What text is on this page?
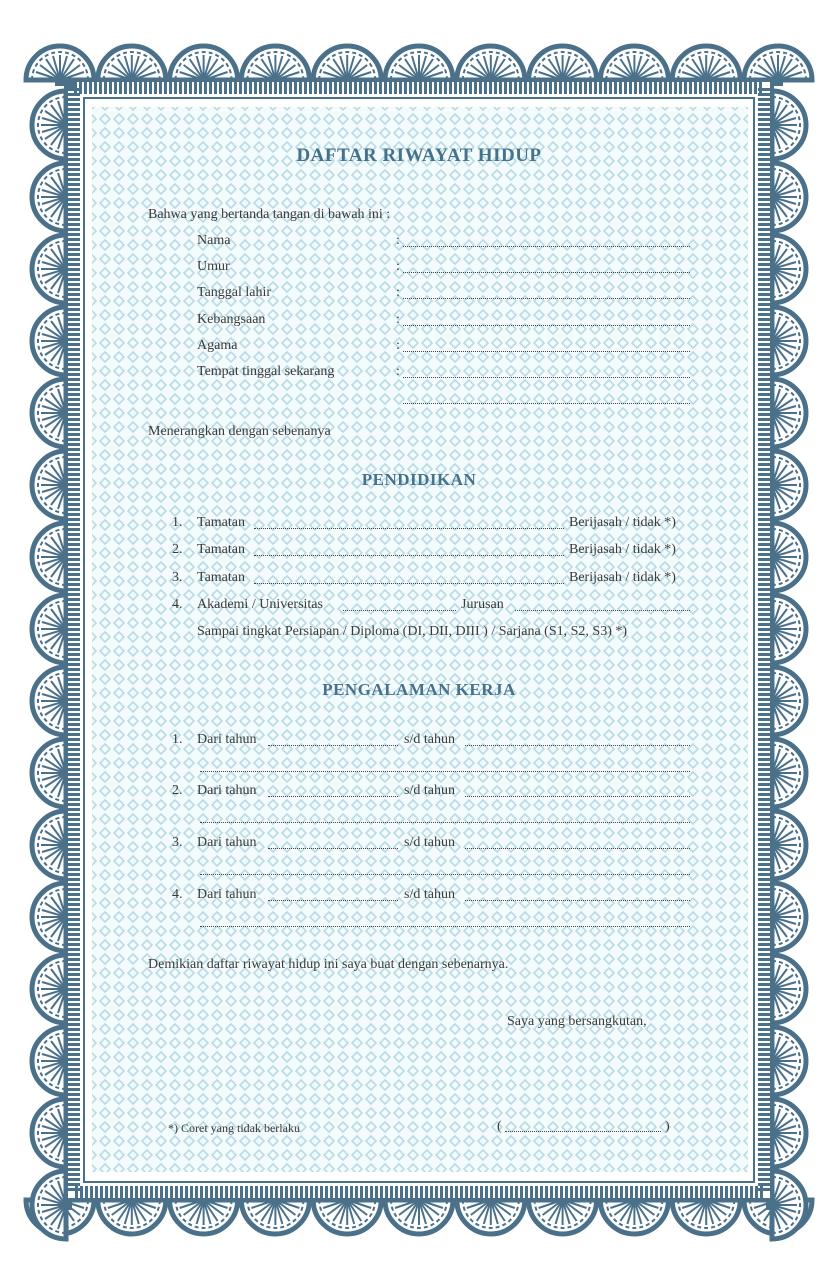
DAFTAR RIWAYAT HIDUP
Bahwa yang bertanda tangan di bawah ini :
Nama	:
Umur	:
Tanggal lahir	:
Kebangsaan	:
Agama	:
Tempat tinggal sekarang	:
Menerangkan dengan sebenanya
PENDIDIKAN
1. Tamatan	Berijasah / tidak *)
2. Tamatan	Berijasah / tidak *)
3. Tamatan	Berijasah / tidak *)
4. Akademi / Universitas	Jurusan
Sampai tingkat Persiapan / Diploma (DI, DII, DIII ) / Sarjana (S1, S2, S3) *)
PENGALAMAN KERJA
1. Dari tahun	s/d tahun
2. Dari tahun	s/d tahun
3. Dari tahun	s/d tahun
4. Dari tahun	s/d tahun
Demikian daftar riwayat hidup ini saya buat dengan sebenarnya.
Saya yang bersangkutan,
*) Coret yang tidak berlaku	(	)
